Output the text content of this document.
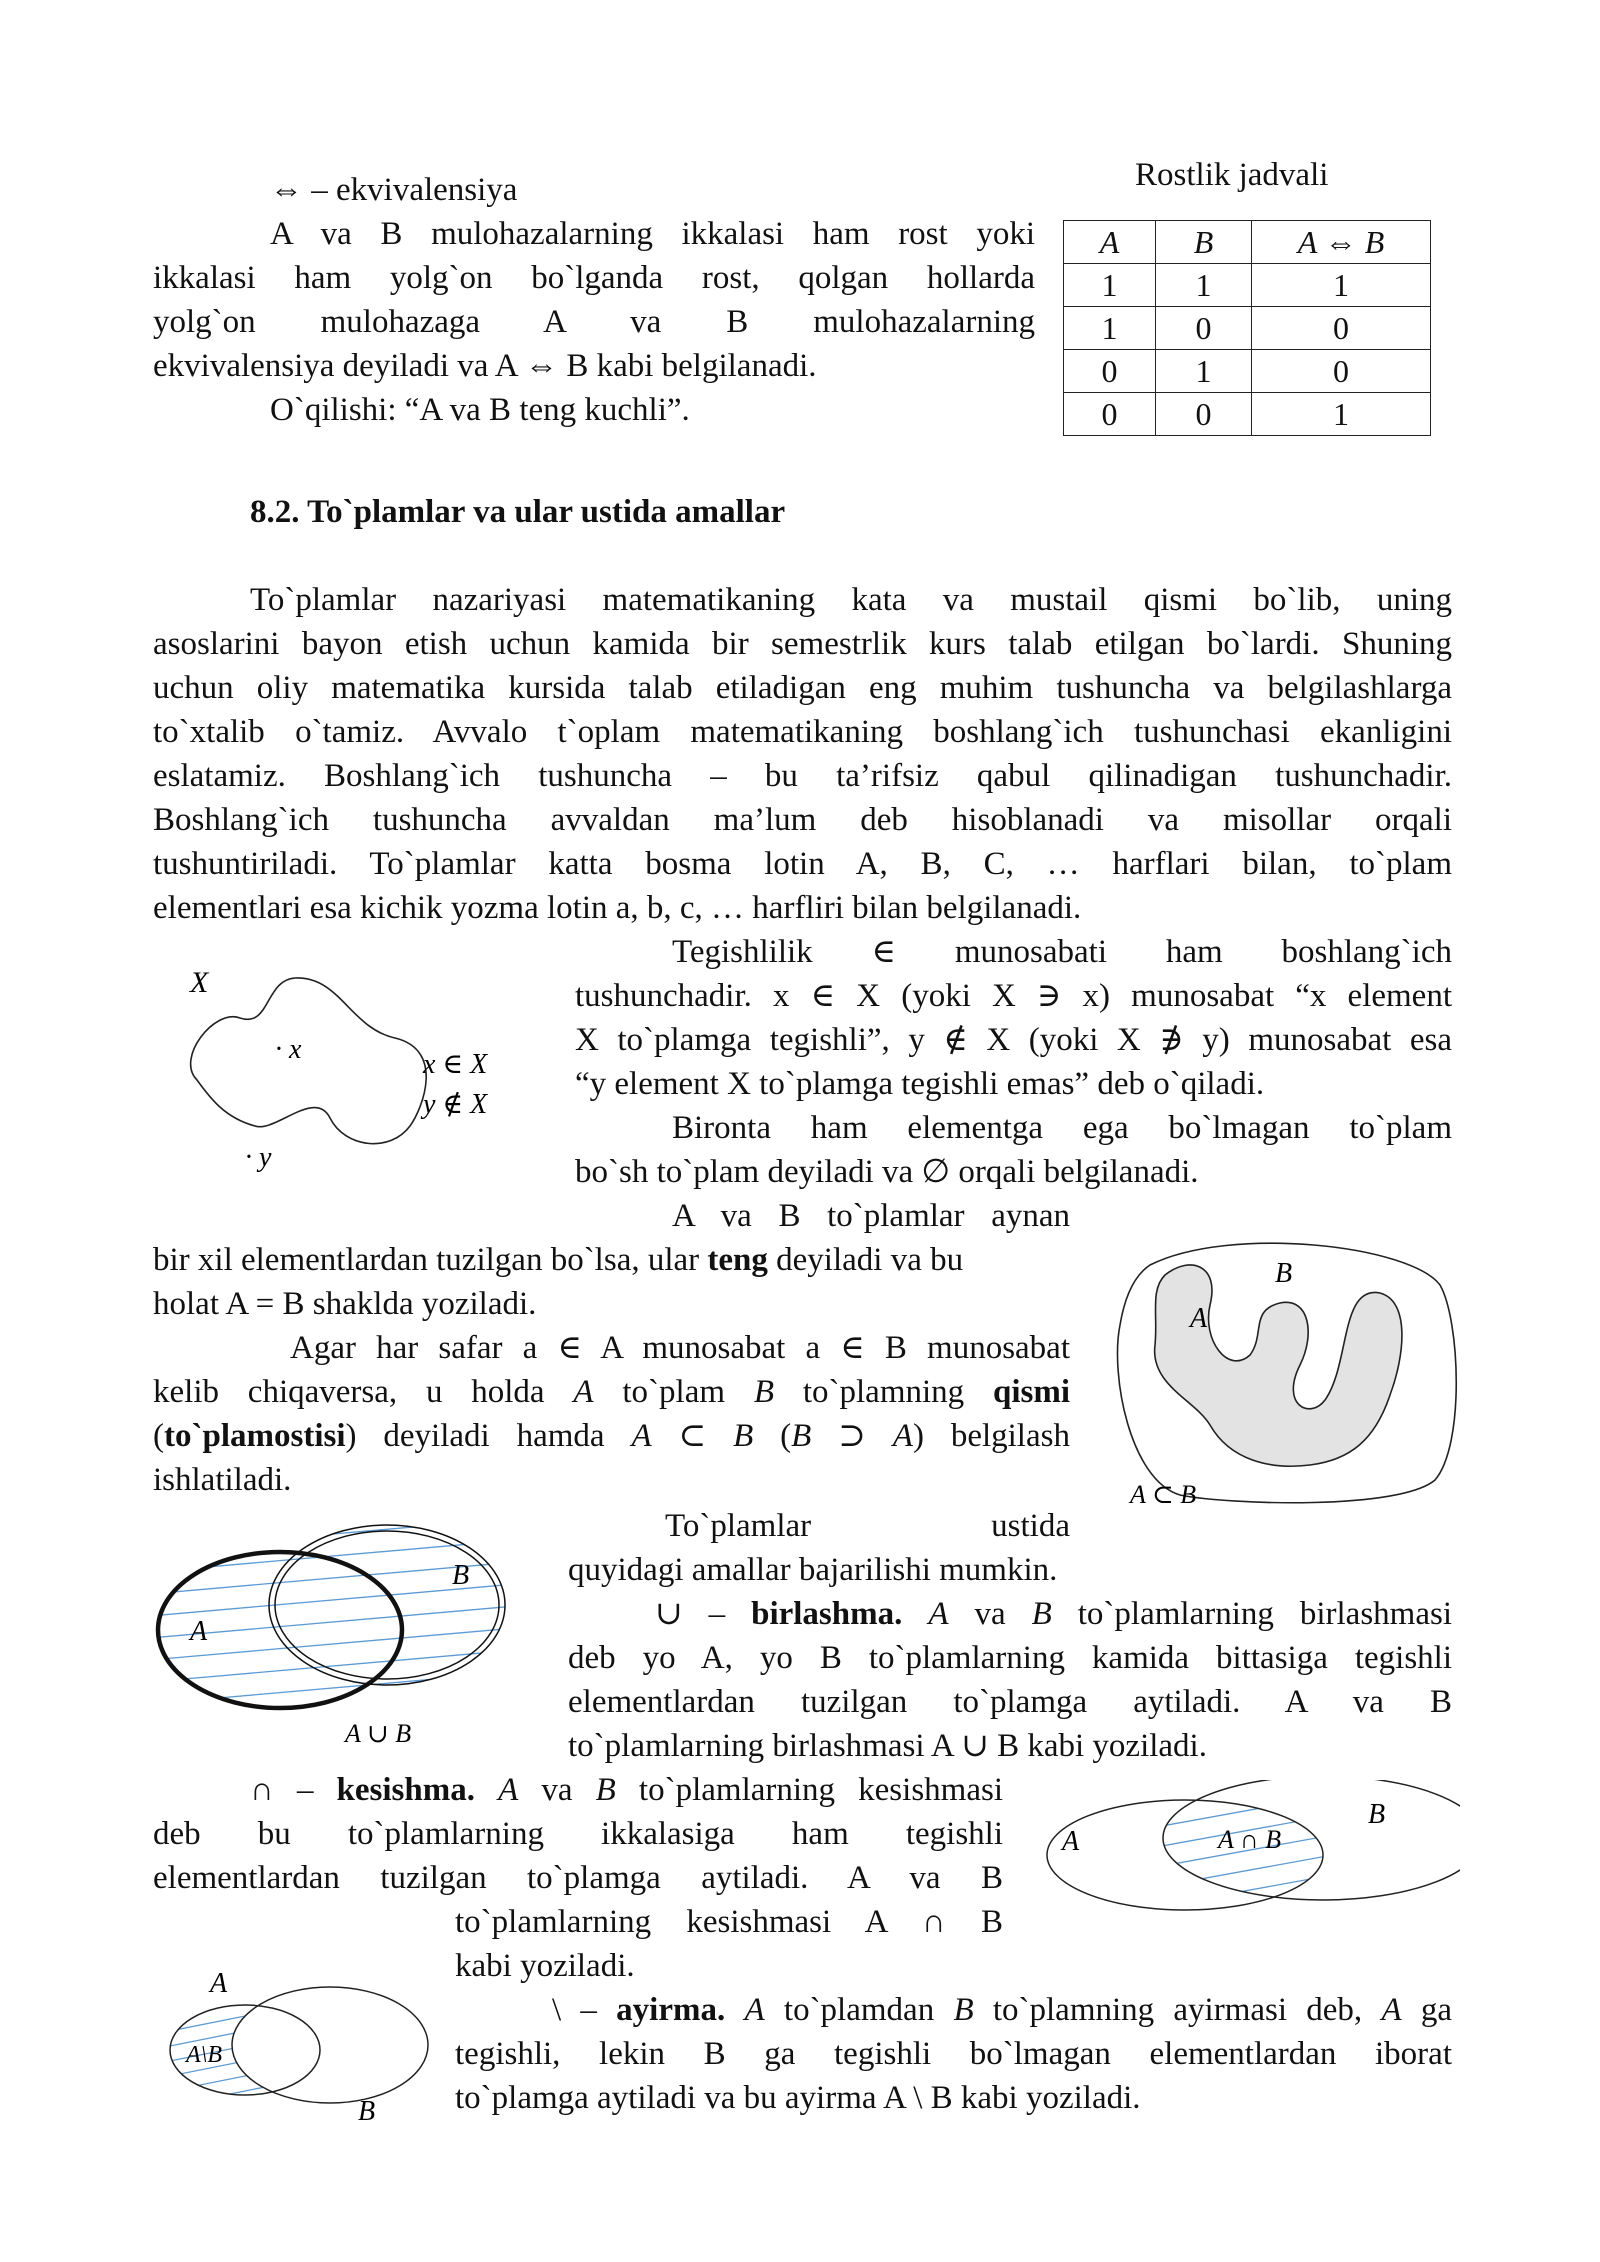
⇔ – ekvivalensiya
A va B mulohazalarning ikkalasi ham rost yoki
ikkalasi ham yolg`on bo`lganda rost, qolgan hollarda
yolg`on mulohazaga A va B mulohazalarning
ekvivalensiya deyiladi va A ⇔ B kabi belgilanadi.
O`qilishi: “A va B teng kuchli”.
Rostlik jadvali
A	B	A ⇔ B
1	1	1
1	0	0
0	1	0
0	0	1
8.2. To`plamlar va ular ustida amallar
To`plamlar nazariyasi matematikaning kata va mustail qismi bo`lib, uning
asoslarini bayon etish uchun kamida bir semestrlik kurs talab etilgan bo`lardi. Shuning
uchun oliy matematika kursida talab etiladigan eng muhim tushuncha va belgilashlarga
to`xtalib o`tamiz. Avvalo t`oplam matematikaning boshlang`ich tushunchasi ekanligini
eslatamiz. Boshlang`ich tushuncha – bu ta’rifsiz qabul qilinadigan tushunchadir.
Boshlang`ich tushuncha avvaldan ma’lum deb hisoblanadi va misollar orqali
tushuntiriladi. To`plamlar katta bosma lotin A, B, C, … harflari bilan, to`plam
elementlari esa kichik yozma lotin a, b, c, … harfliri bilan belgilanadi.
X
· x
· y
x ∈ X
y ∉ X
Tegishlilik ∈ munosabati ham boshlang`ich
tushunchadir. x ∈ X (yoki X ∋ x) munosabat “x element
X to`plamga tegishli”, y ∉ X (yoki X ∌ y) munosabat esa
“y element X to`plamga tegishli emas” deb o`qiladi.
Bironta ham elementga ega bo`lmagan to`plam
bo`sh to`plam deyiladi va ∅ orqali belgilanadi.
A va B to`plamlar aynan
bir xil elementlardan tuzilgan bo`lsa, ular teng deyiladi va bu
holat A = B shaklda yoziladi.
Agar har safar a ∈ A munosabat a ∈ B munosabat
kelib chiqaversa, u holda A to`plam B to`plamning qismi
(to`plamostisi) deyiladi hamda A ⊂ B (B ⊃ A) belgilash
ishlatiladi.
A
B
A ⊂ B
A
B
A ∪ B
To`plamlar ustida
quyidagi amallar bajarilishi mumkin.
∪ – birlashma. A va B to`plamlarning birlashmasi
deb yo A, yo B to`plamlarning kamida bittasiga tegishli
elementlardan tuzilgan to`plamga aytiladi. A va B
to`plamlarning birlashmasi A ∪ B kabi yoziladi.
∩ – kesishma. A va B to`plamlarning kesishmasi
deb bu to`plamlarning ikkalasiga ham tegishli
elementlardan tuzilgan to`plamga aytiladi. A va B
to`plamlarning kesishmasi A ∩ B
kabi yoziladi.
A
B
A ∩ B
A
B
A\B
\ – ayirma. A to`plamdan B to`plamning ayirmasi deb, A ga
tegishli, lekin B ga tegishli bo`lmagan elementlardan iborat
to`plamga aytiladi va bu ayirma A \ B kabi yoziladi.
